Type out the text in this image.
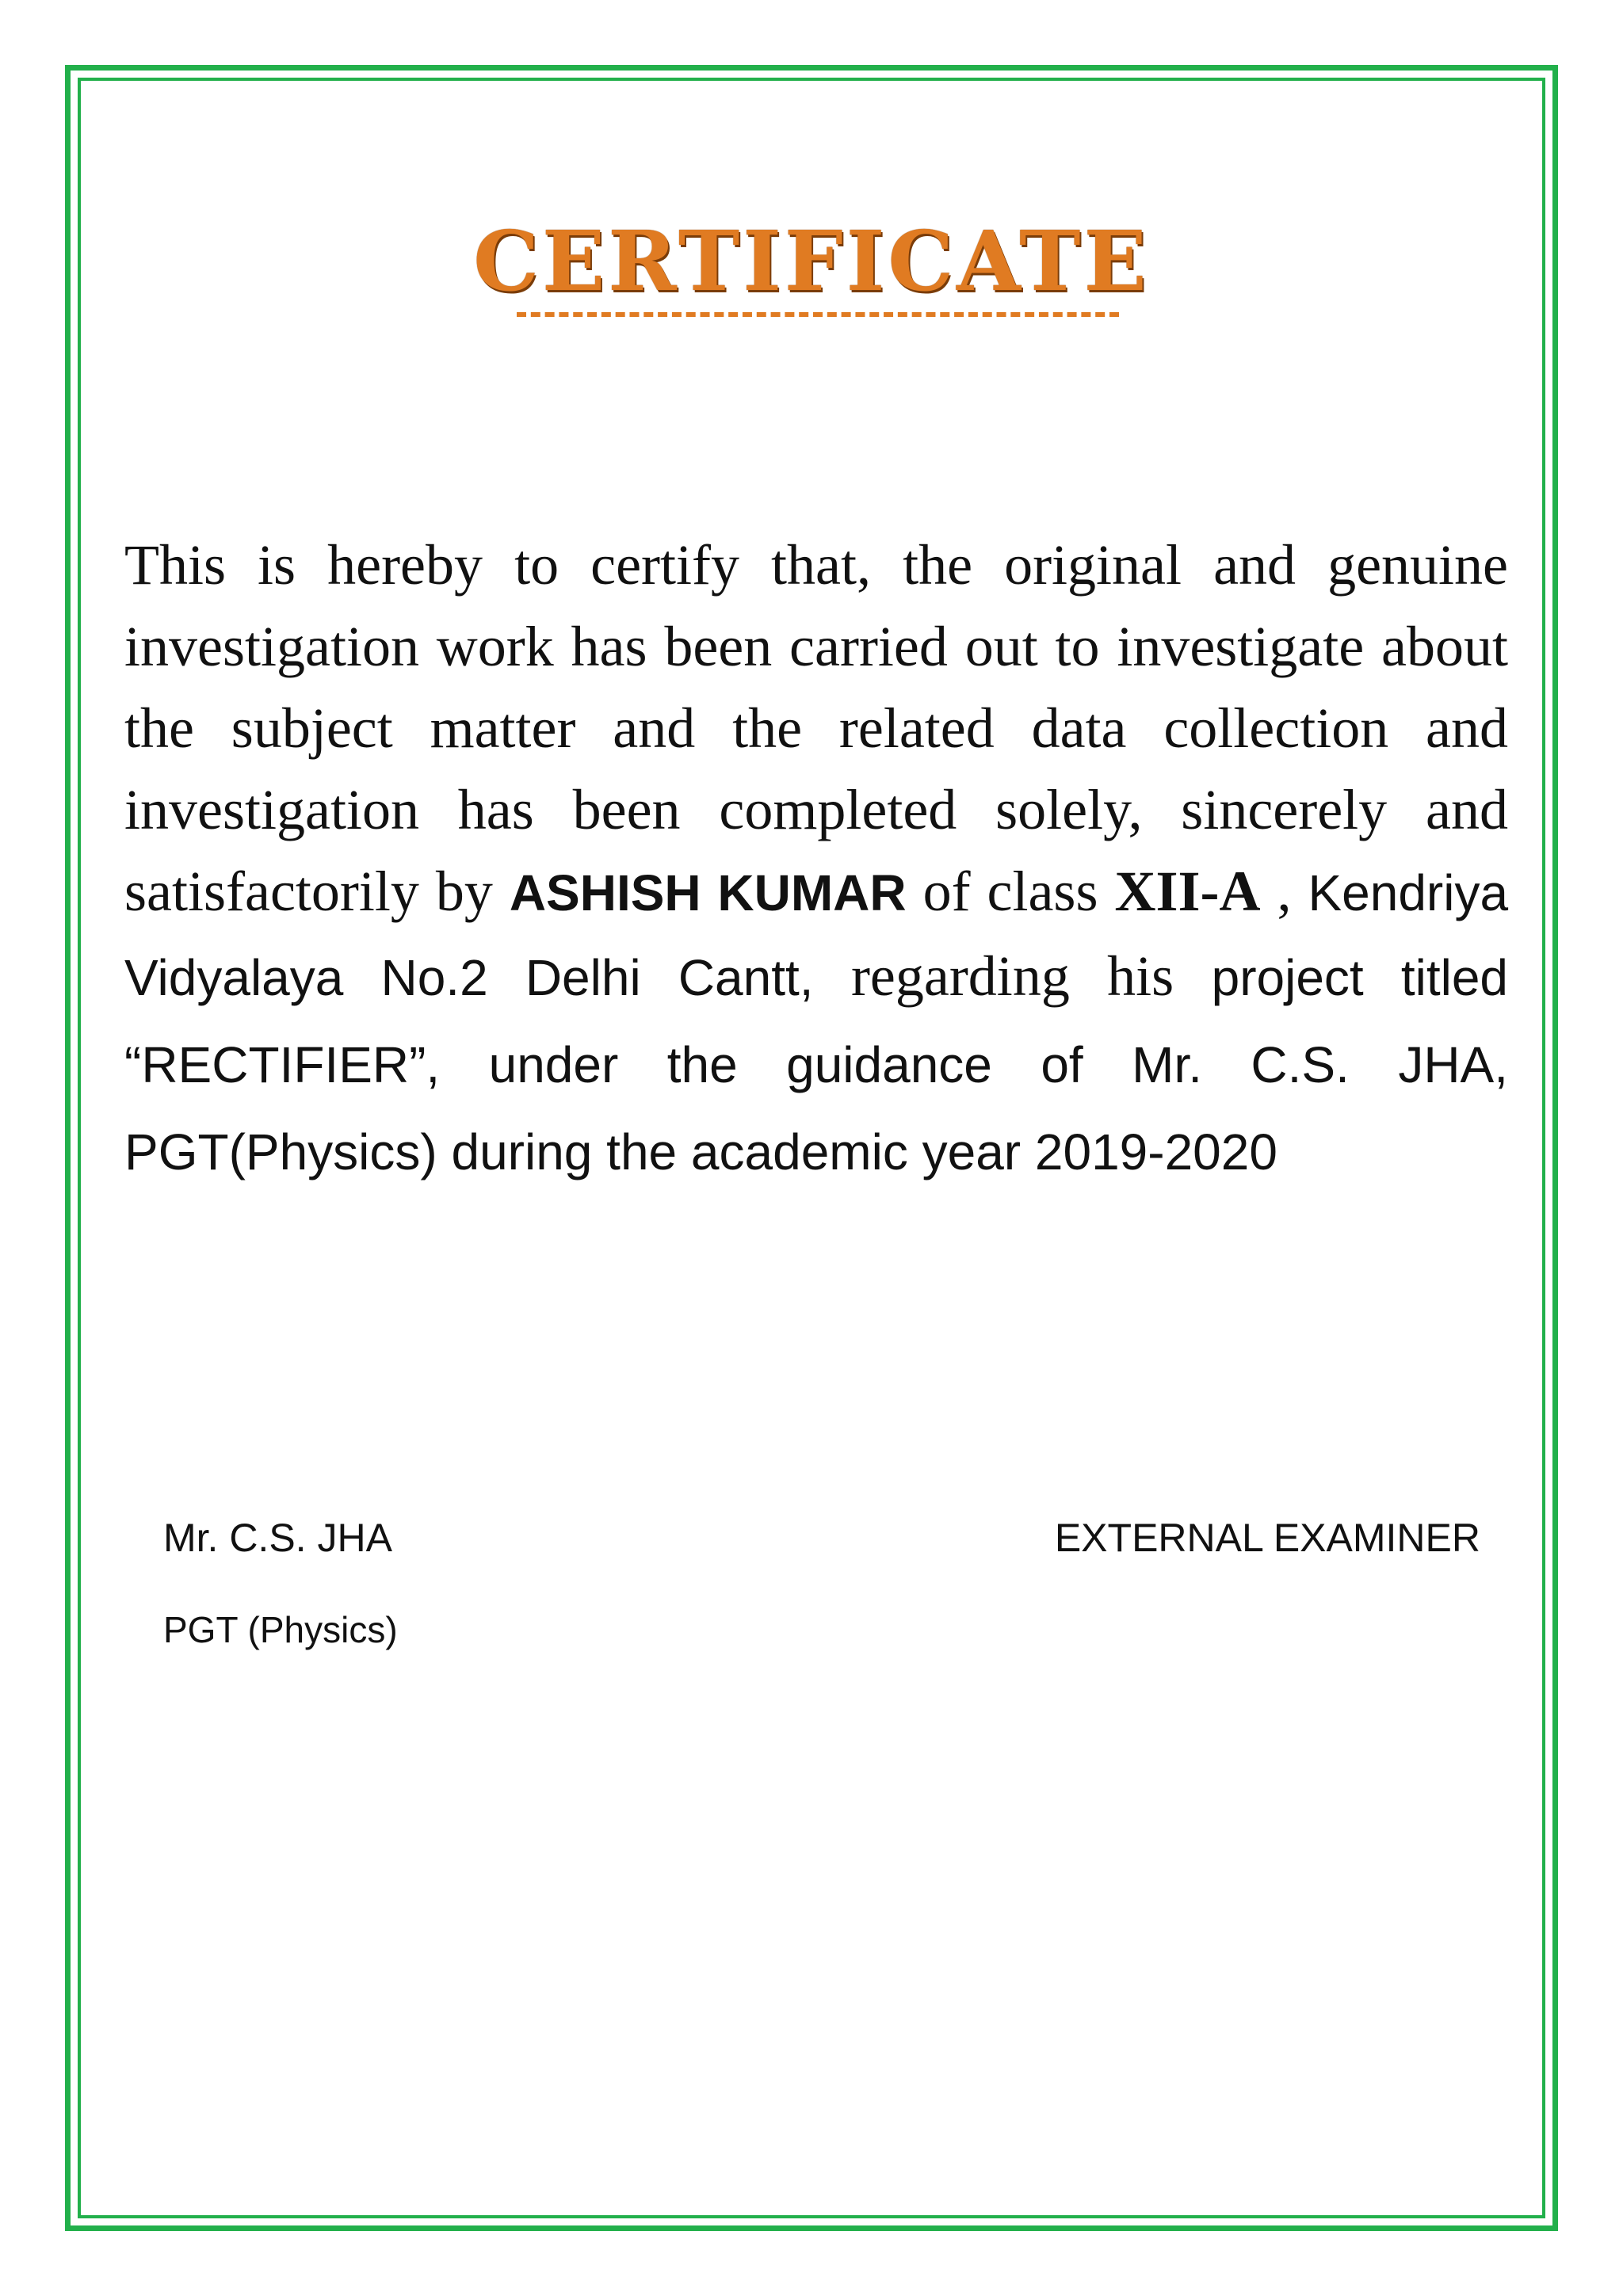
CERTIFICATE
This is hereby to certify that, the original and genuine investigation work has been carried out to investigate about the subject matter and the related data collection and investigation has been completed solely, sincerely and satisfactorily by ASHISH KUMAR of class XII-A , Kendriya Vidyalaya No.2 Delhi Cantt, regarding his project titled “RECTIFIER”, under the guidance of Mr. C.S. JHA, PGT(Physics) during the academic year 2019-2020
Mr. C.S. JHA
PGT (Physics)
EXTERNAL EXAMINER
